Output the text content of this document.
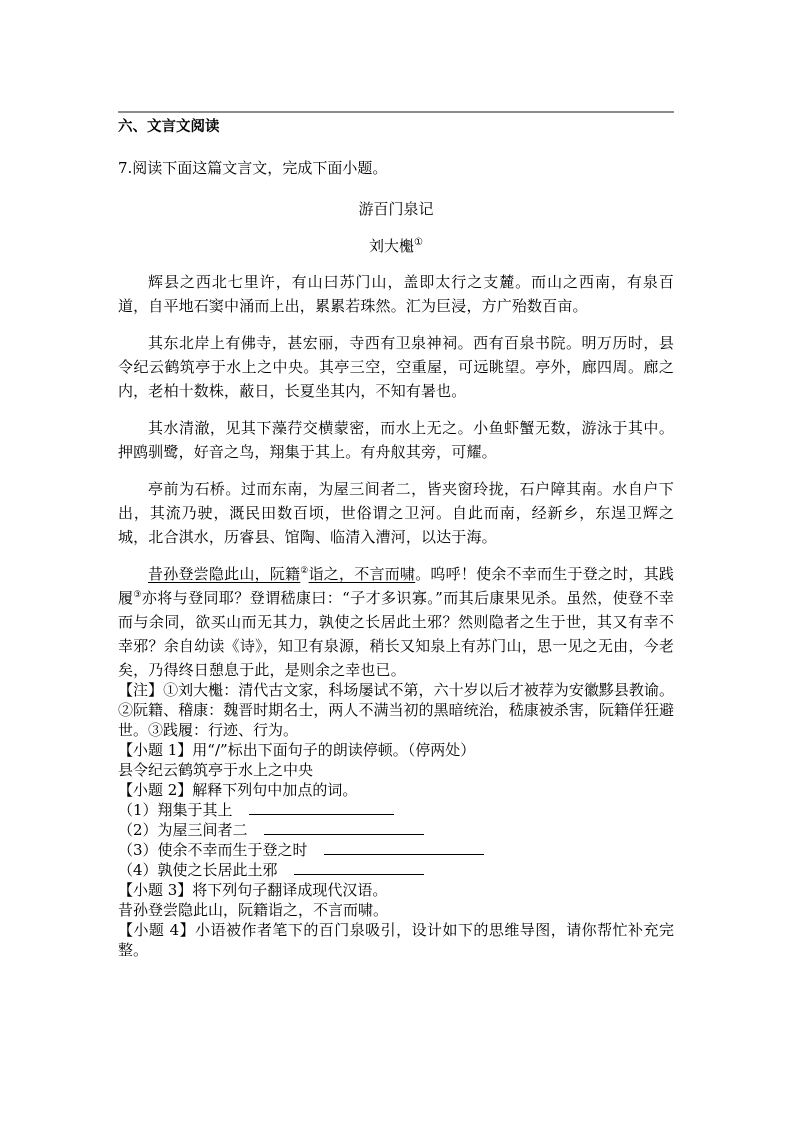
六、文言文阅读
7.阅读下面这篇文言文，完成下面小题。
游百门泉记
刘大櫆①
辉县之西北七里许，有山曰苏门山，盖即太行之支麓。而山之西南，有泉百道，自平地石窦中涌而上出，累累若珠然。汇为巨浸，方广殆数百亩。
其东北岸上有佛寺，甚宏丽，寺西有卫泉神祠。西有百泉书院。明万历时，县令纪云鹤筑亭于水上之中央。其亭三空，空重屋，可远眺望。亭外，廊四周。廊之内，老柏十数株，蔽日，长夏坐其内，不知有暑也。
其水清澈，见其下藻荇交横蒙密，而水上无之。小鱼虾蟹无数，游泳于其中。押鸥驯鹭，好音之鸟，翔集于其上。有舟舣其旁，可耀。
亭前为石桥。过而东南，为屋三间者二，皆夹窗玲拢，石户障其南。水自户下出，其流乃驶，溉民田数百顷，世俗谓之卫河。自此而南，经新乡，东逞卫辉之城，北合淇水，历睿县、馆陶、临清入漕河，以达于海。
昔孙登尝隐此山，阮籍②诣之，不言而啸。呜呼！使余不幸而生于登之时，其践履③亦将与登同耶？登谓嵇康曰：“子才多识寡。”而其后康果见杀。虽然，使登不幸而与余同，欲买山而无其力，孰使之长居此土邪？然则隐者之生于世，其又有幸不幸邪？余自幼读《诗》，知卫有泉源，稍长又知泉上有苏门山，思一见之无由，今老矣，乃得终日憩息于此，是则余之幸也已。
【注】①刘大櫆：清代古文家，科场屡试不第，六十岁以后才被荐为安徽黟县教谕。②阮籍、稽康：魏晋时期名士，两人不满当初的黑暗统治，嵇康被杀害，阮籍佯狂避世。③践履：行迹、行为。
【小题 1】用“/”标出下面句子的朗读停顿。（停两处）
县令纪云鹤筑亭于水上之中央
【小题 2】解释下列句中加点的词。
（1）翔集于其上
（2）为屋三间者二
（3）使余不幸而生于登之时
（4）孰使之长居此土邪
【小题 3】将下列句子翻译成现代汉语。
昔孙登尝隐此山，阮籍诣之，不言而啸。
【小题 4】小语被作者笔下的百门泉吸引，设计如下的思维导图，请你帮忙补充完整。
